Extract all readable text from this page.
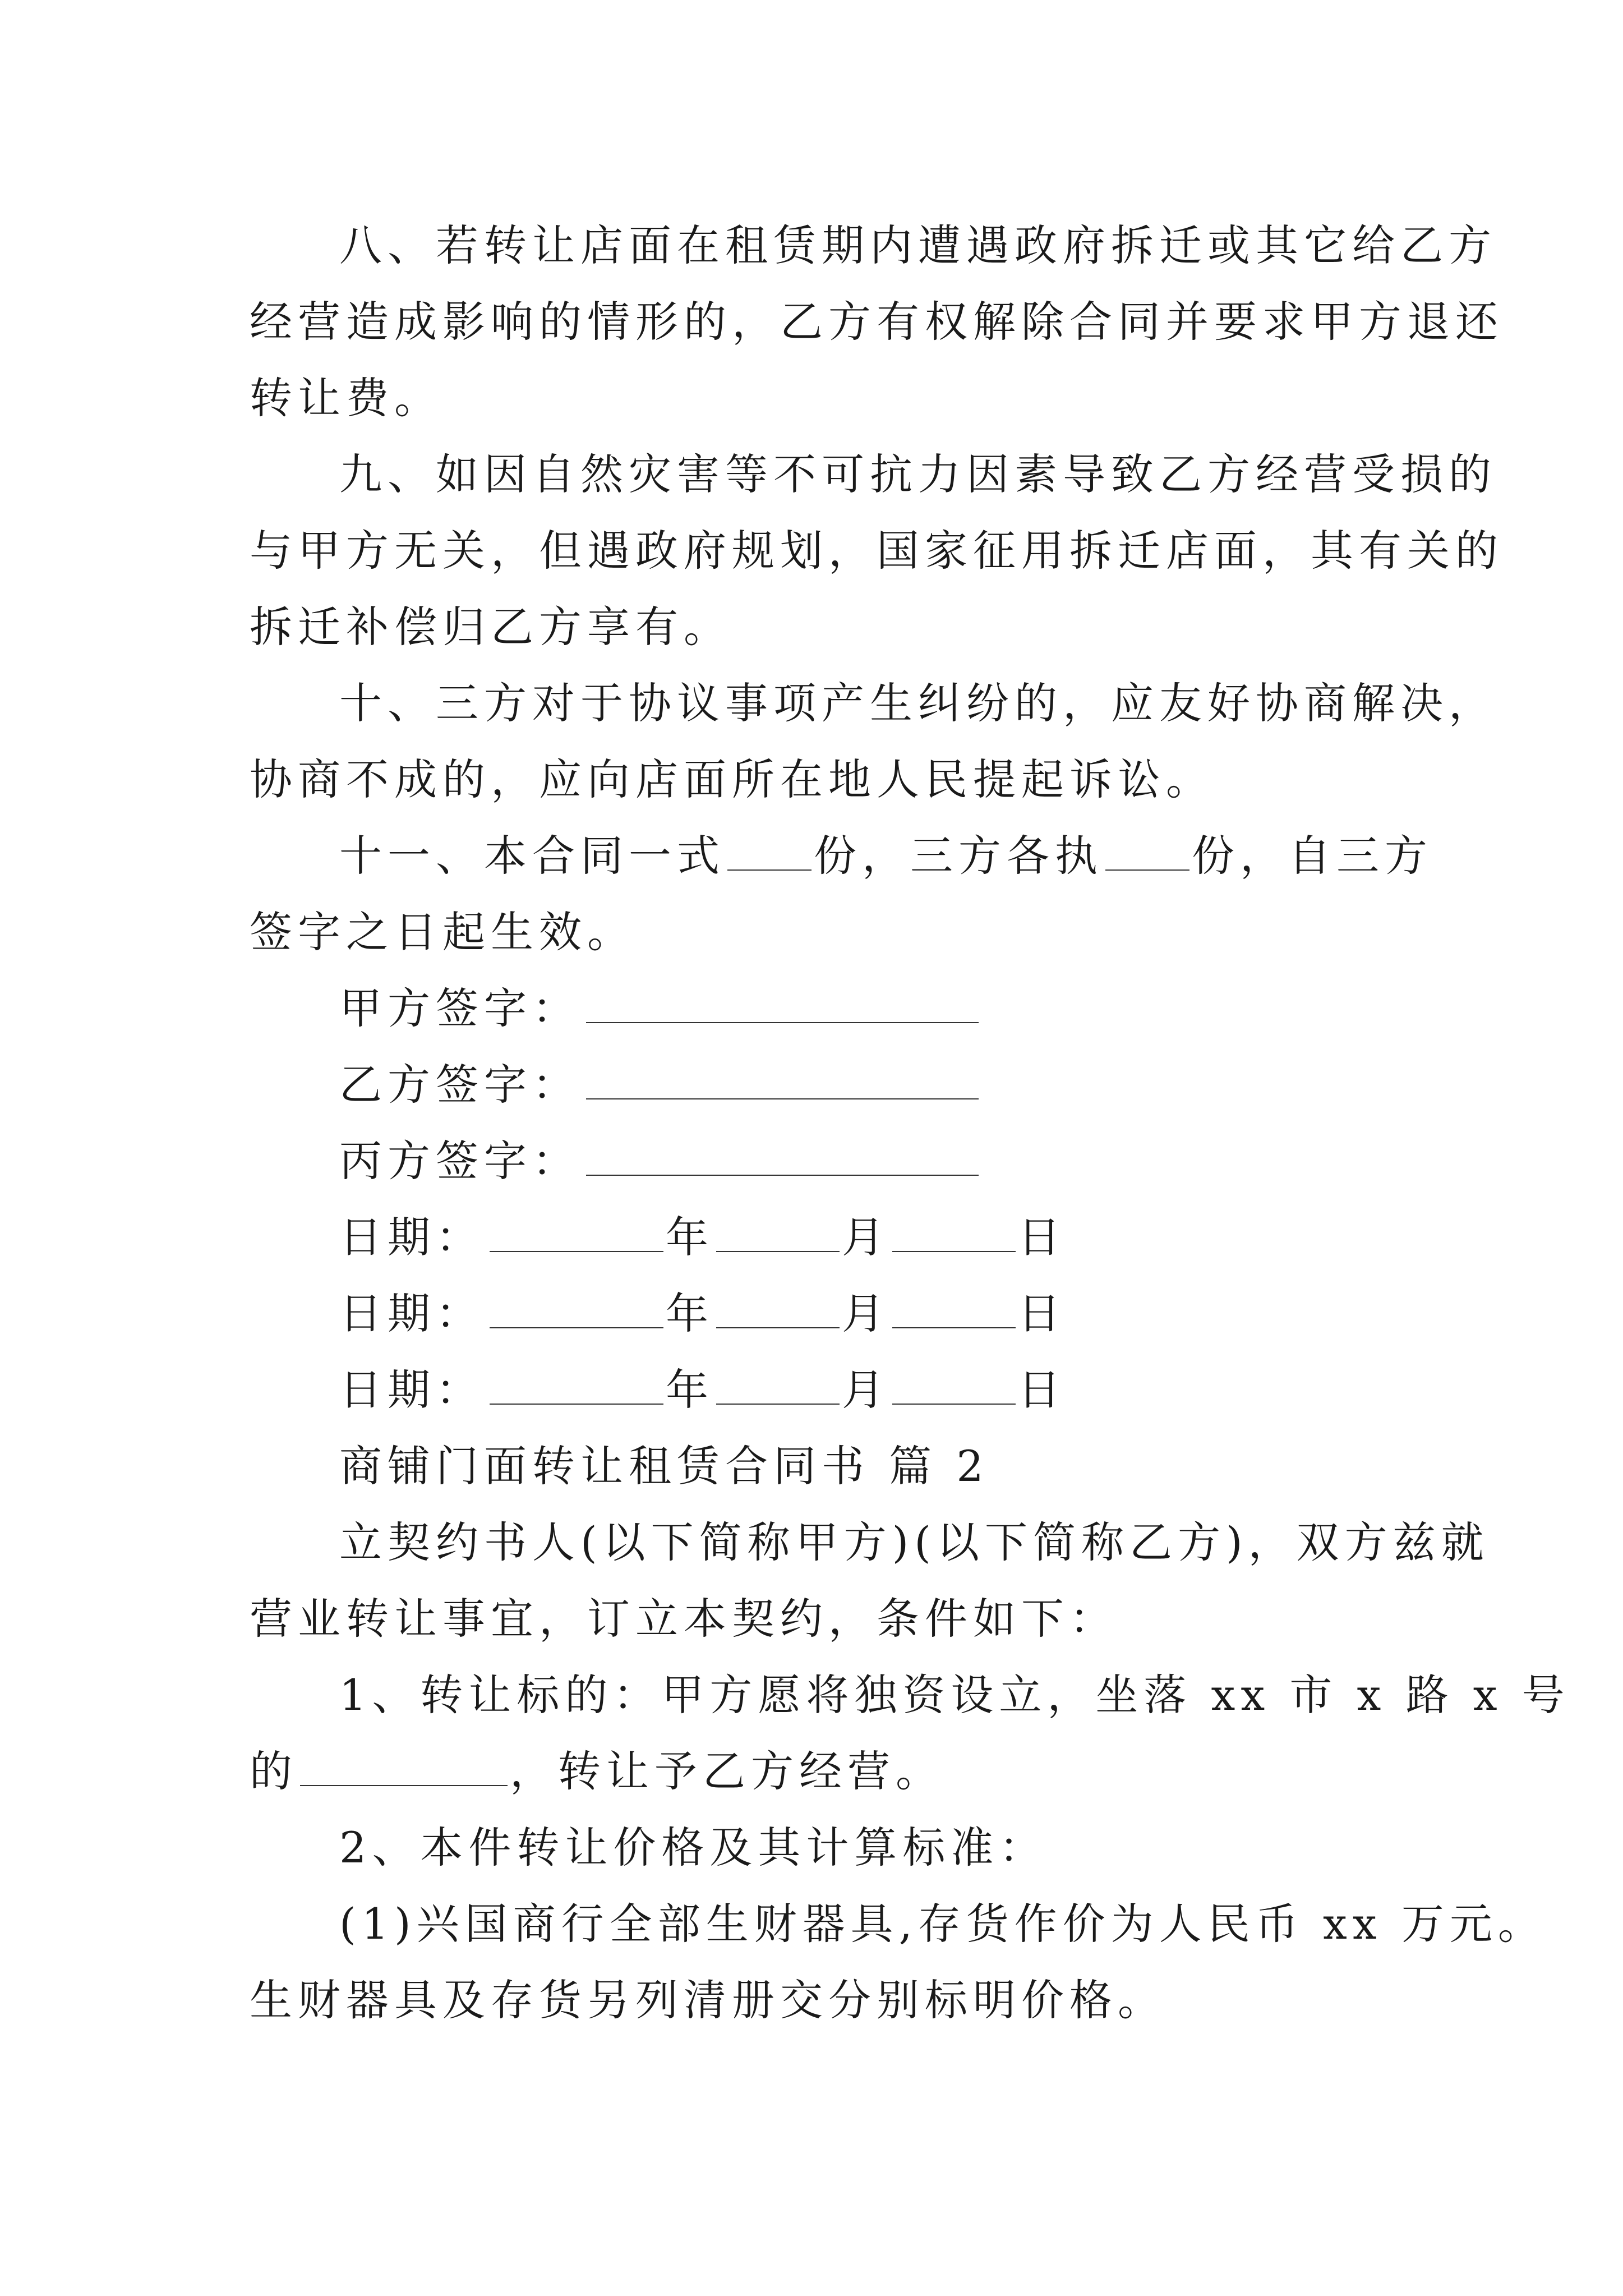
八、若转让店面在租赁期内遭遇政府拆迁或其它给乙方
经营造成影响的情形的，乙方有权解除合同并要求甲方退还
转让费。
九、如因自然灾害等不可抗力因素导致乙方经营受损的
与甲方无关，但遇政府规划，国家征用拆迁店面，其有关的
拆迁补偿归乙方享有。
十、三方对于协议事项产生纠纷的，应友好协商解决，
协商不成的，应向店面所在地人民提起诉讼。
十一、本合同一式 份，三方各执 份，自三方
签字之日起生效。
甲方签字：
乙方签字：
丙方签字：
日期：	年	月	日
日期：	年	月	日
日期：	年	月	日
商铺门面转让租赁合同书 篇 2
立契约书人(以下简称甲方)(以下简称乙方)，双方兹就
营业转让事宜，订立本契约，条件如下：
1、转让标的：甲方愿将独资设立，坐落 xx 市 x 路 x 号
的	，转让予乙方经营。
2、本件转让价格及其计算标准：
(1)兴国商行全部生财器具,存货作价为人民币 xx 万元。
生财器具及存货另列清册交分别标明价格。
